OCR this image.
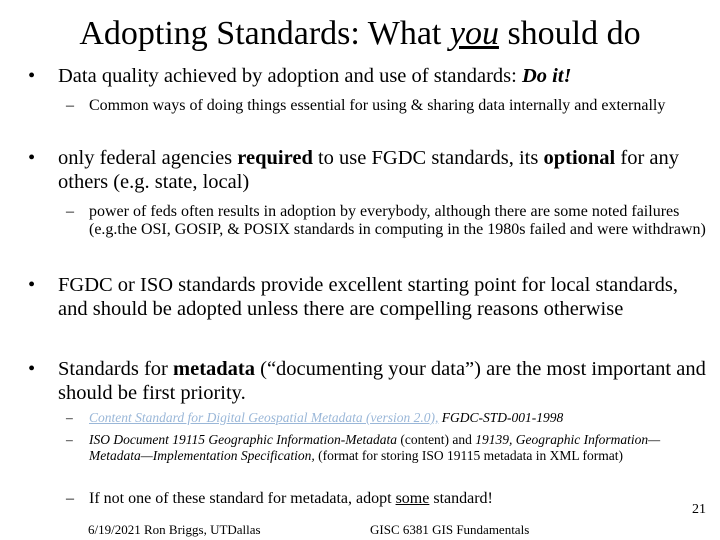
Adopting Standards: What you should do
•	Data quality achieved by adoption and use of standards: Do it!
– Common ways of doing things essential for using & sharing data internally and externally
•	only federal agencies required to use FGDC standards, its optional for any others (e.g. state, local)
– power of feds often results in adoption by everybody, although there are some noted failures (e.g.the OSI, GOSIP, & POSIX standards in computing in the 1980s failed and were withdrawn)
•	FGDC or ISO standards provide excellent starting point for local standards, and should be adopted unless there are compelling reasons otherwise
•	Standards for metadata (“documenting your data”) are the most important and should be first priority.
– Content Standard for Digital Geospatial Metadata (version 2.0), FGDC-STD-001-1998
– ISO Document 19115 Geographic Information-Metadata (content) and 19139, Geographic Information—Metadata—Implementation Specification, (format for storing ISO 19115 metadata in XML format)
– If not one of these standard for metadata, adopt some standard!
6/19/2021 Ron Briggs, UTDallas	GISC 6381 GIS Fundamentals
21
